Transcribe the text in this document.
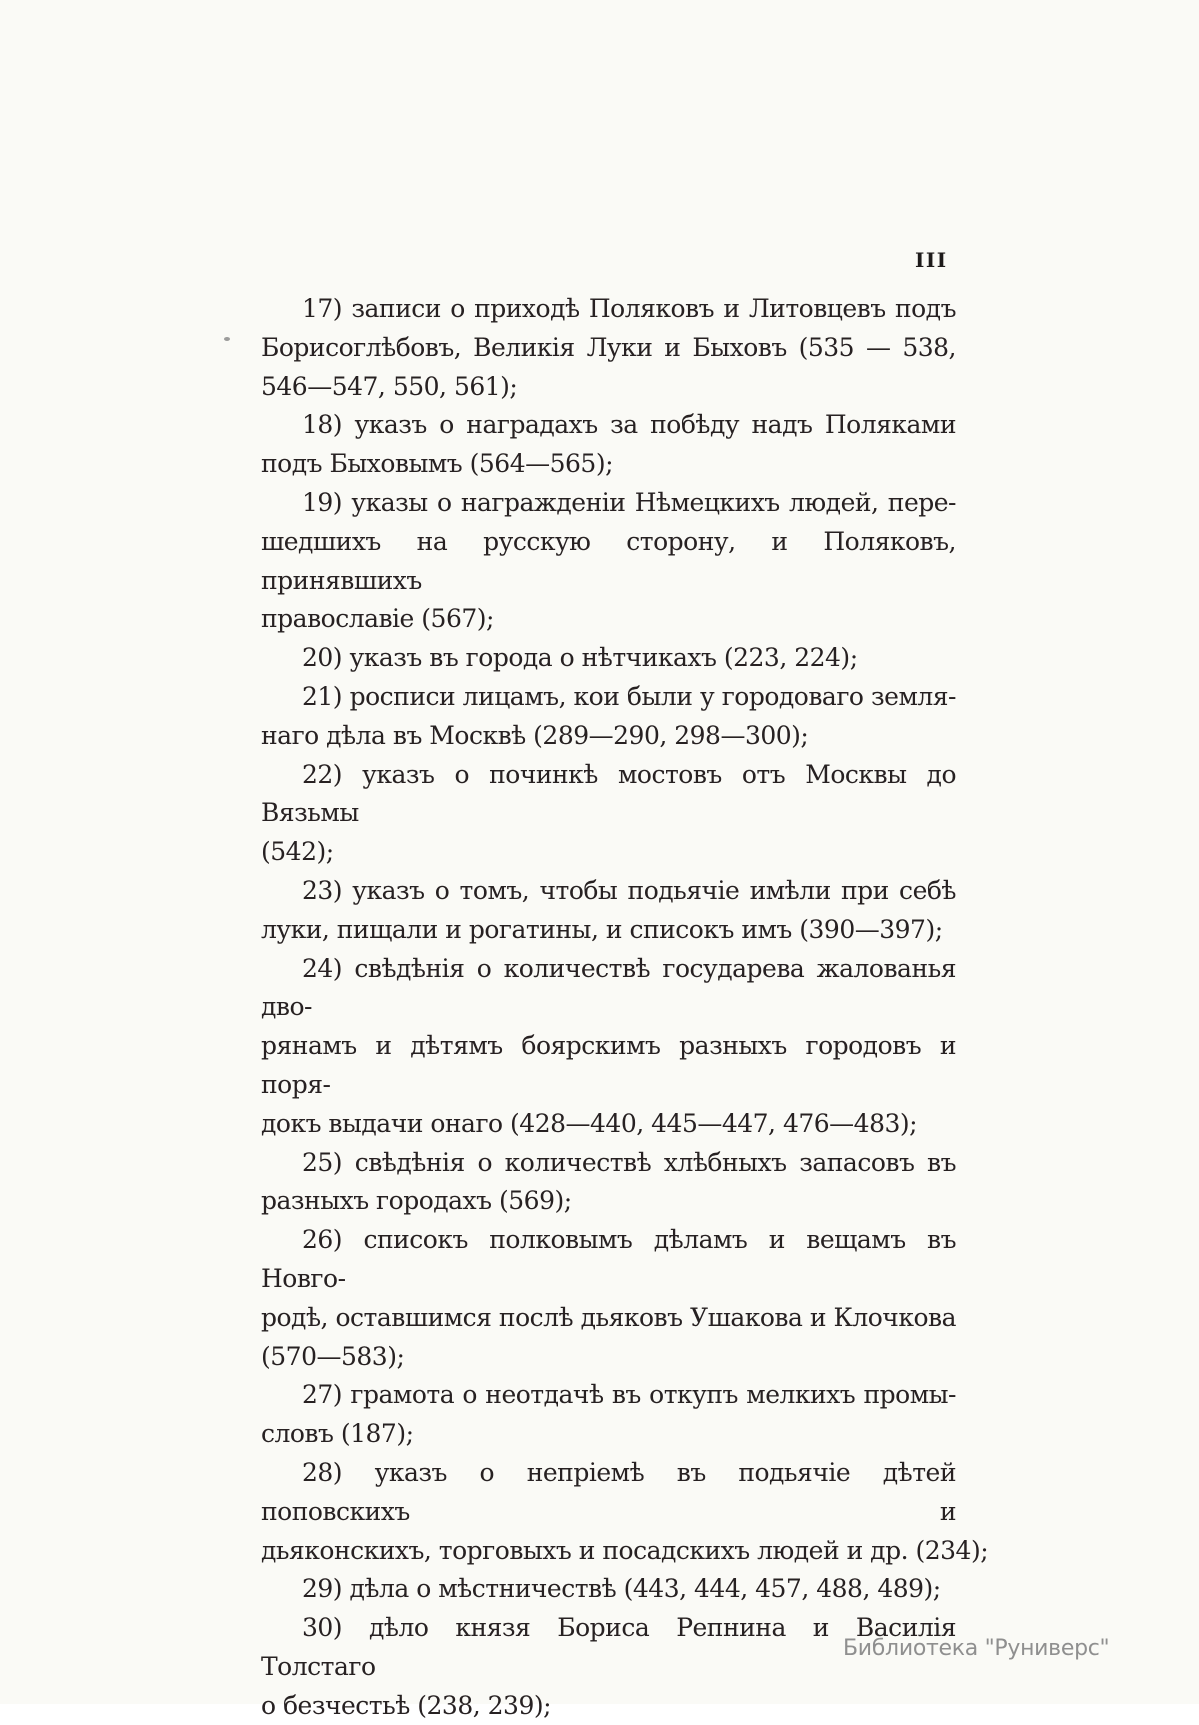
III
17) записи о приходѣ Поляковъ и Литовцевъ подъ
Борисоглѣбовъ, Великія Луки и Быховъ (535 — 538,
546—547, 550, 561);
18) указъ о наградахъ за побѣду надъ Поляками
подъ Быховымъ (564—565);
19) указы о награжденіи Нѣмецкихъ людей, пере-
шедшихъ на русскую сторону, и Поляковъ, принявшихъ
православіе (567);
20) указъ въ города о нѣтчикахъ (223, 224);
21) росписи лицамъ, кои были у городоваго земля-
наго дѣла въ Москвѣ (289—290, 298—300);
22) указъ о починкѣ мостовъ отъ Москвы до Вязьмы
(542);
23) указъ о томъ, чтобы подьячіе имѣли при себѣ
луки, пищали и рогатины, и списокъ имъ (390—397);
24) свѣдѣнія о количествѣ государева жалованья дво-
рянамъ и дѣтямъ боярскимъ разныхъ городовъ и поря-
докъ выдачи онаго (428—440, 445—447, 476—483);
25) свѣдѣнія о количествѣ хлѣбныхъ запасовъ въ
разныхъ городахъ (569);
26) списокъ полковымъ дѣламъ и вещамъ въ Новго-
родѣ, оставшимся послѣ дьяковъ Ушакова и Клочкова
(570—583);
27) грамота о неотдачѣ въ откупъ мелкихъ промы-
словъ (187);
28) указъ о непріемѣ въ подьячіе дѣтей поповскихъ и
дьяконскихъ, торговыхъ и посадскихъ людей и др. (234);
29) дѣла о мѣстничествѣ (443, 444, 457, 488, 489);
30) дѣло князя Бориса Репнина и Василія Толстаго
о безчестьѣ (238, 239);
Библиотека "Руниверс"
